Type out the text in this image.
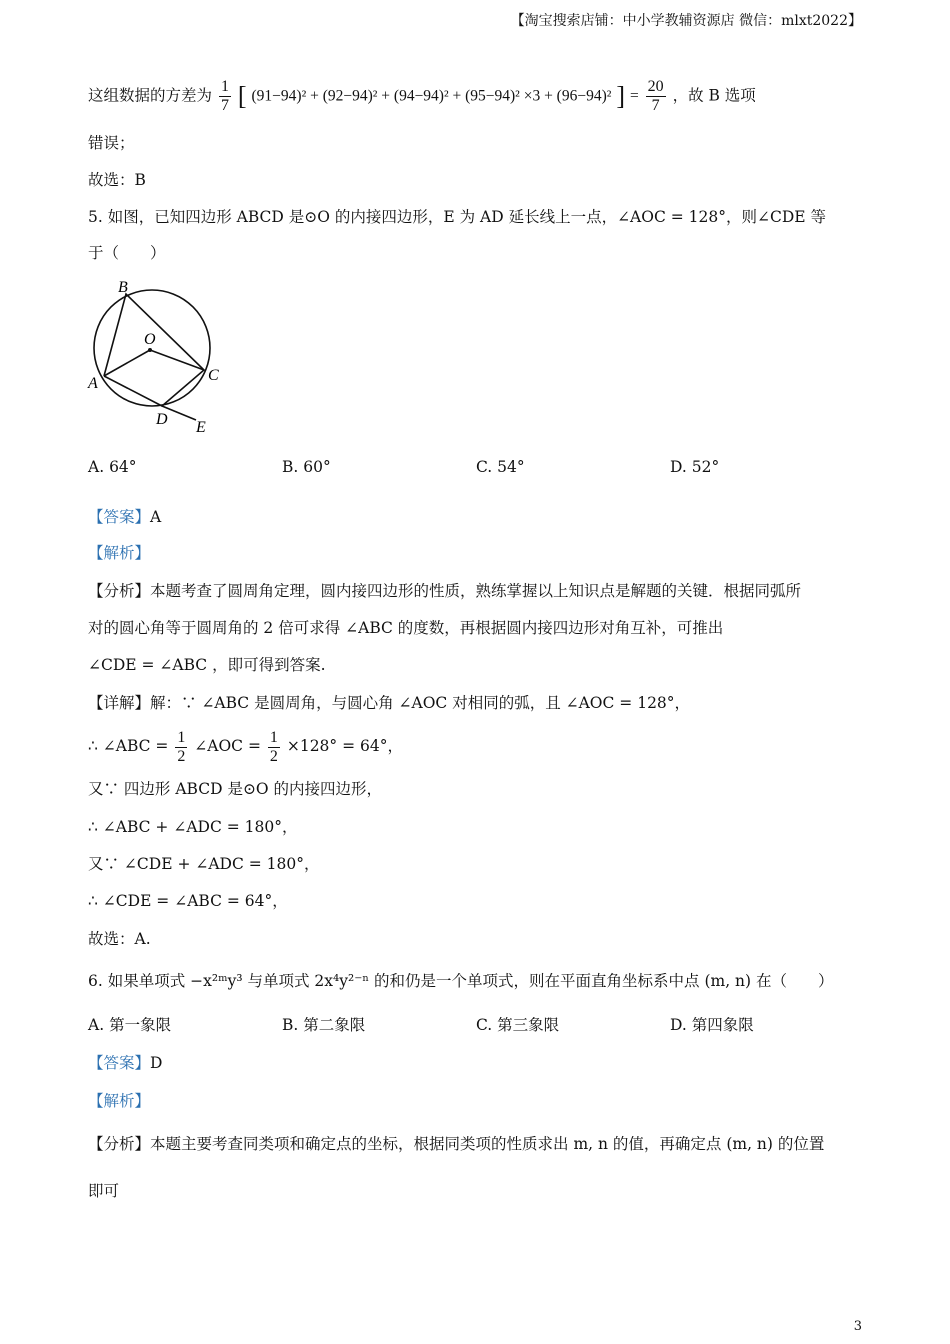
【淘宝搜索店铺：中小学教辅资源店 微信：mlxt2022】
这组数据的方差为 $\frac{1}{7}$ [ (91−94)² + (92−94)² + (94−94)² + (95−94)² ×3 + (96−94)² ] = $\frac{20}{7}$ ，故 B 选项
错误；
故选：B
5. 如图，已知四边形 ABCD 是⊙O 的内接四边形，E 为 AD 延长线上一点，∠AOC = 128°，则∠CDE 等
于（　　）
B
O
A	C
D E
A. 64°	B. 60°	C. 54°	D. 52°
【答案】A
【解析】
【分析】本题考查了圆周角定理，圆内接四边形的性质，熟练掌握以上知识点是解题的关键．根据同弧所
对的圆心角等于圆周角的 2 倍可求得 ∠ABC 的度数，再根据圆内接四边形对角互补，可推出
∠CDE = ∠ABC ，即可得到答案.
【详解】解：∵ ∠ABC 是圆周角，与圆心角 ∠AOC 对相同的弧，且 ∠AOC = 128°，
∴ ∠ABC = $\frac{1}{2}$ ∠AOC = $\frac{1}{2} \times 128^\circ = 64^\circ$，
又∵ 四边形 ABCD 是⊙O 的内接四边形，
∴ ∠ABC + ∠ADC = 180°，
又∵ ∠CDE + ∠ADC = 180°，
∴ ∠CDE = ∠ABC = 64°，
故选：A.
6. 如果单项式 −x²ᵐy³ 与单项式 2x⁴y²⁻ⁿ 的和仍是一个单项式，则在平面直角坐标系中点 (m, n) 在（　　）
A. 第一象限	B. 第二象限	C. 第三象限	D. 第四象限
【答案】D
【解析】
【分析】本题主要考查同类项和确定点的坐标，根据同类项的性质求出 m, n 的值，再确定点 (m, n) 的位置
即可
3
